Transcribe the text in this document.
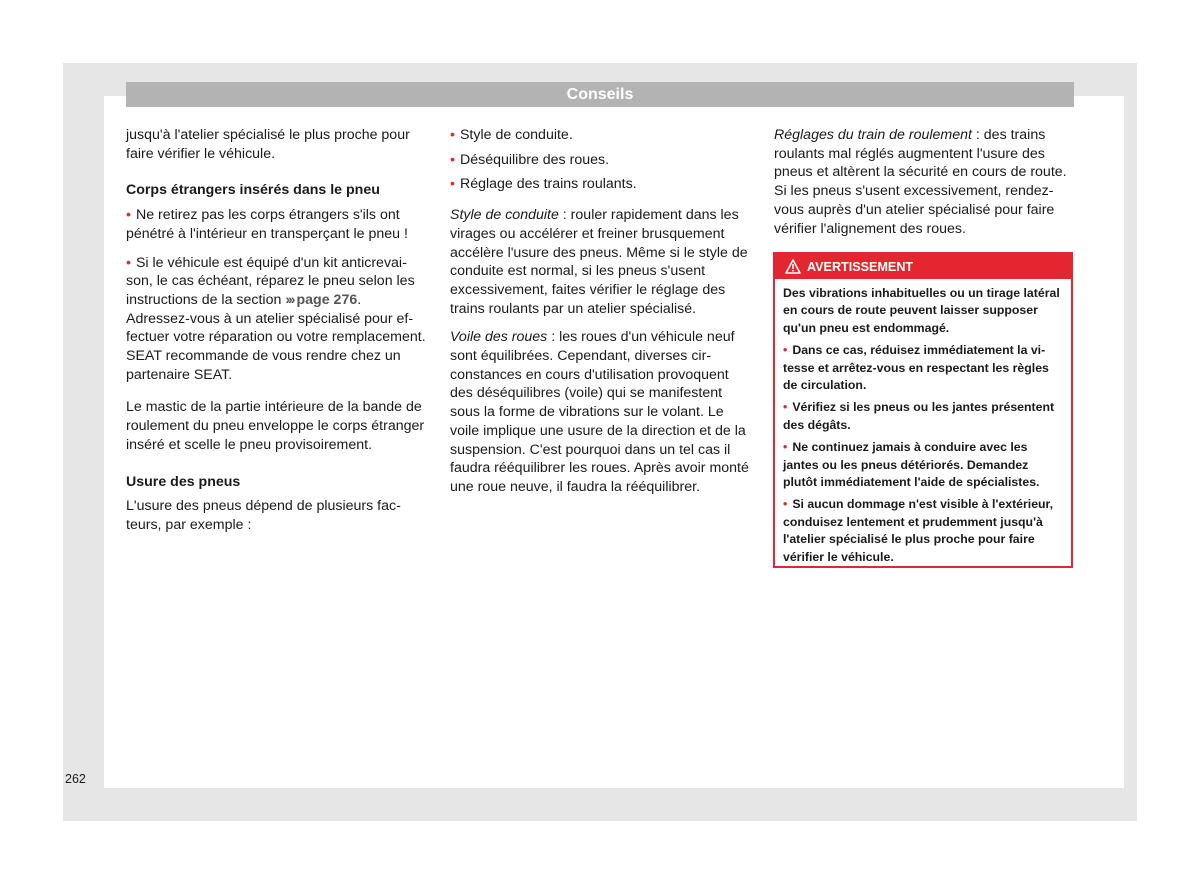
Conseils

jusqu'à l'atelier spécialisé le plus proche pour faire vérifier le véhicule.

Corps étrangers insérés dans le pneu

• Ne retirez pas les corps étrangers s'ils ont pénétré à l'intérieur en transperçant le pneu !

• Si le véhicule est équipé d'un kit anticrevaison, le cas échéant, réparez le pneu selon les instructions de la section ››› page 276. Adressez-vous à un atelier spécialisé pour effectuer votre réparation ou votre remplacement. SEAT recommande de vous rendre chez un partenaire SEAT.

Le mastic de la partie intérieure de la bande de roulement du pneu enveloppe le corps étranger inséré et scelle le pneu provisoirement.

Usure des pneus

L'usure des pneus dépend de plusieurs facteurs, par exemple :

• Style de conduite.

• Déséquilibre des roues.

• Réglage des trains roulants.

Style de conduite : rouler rapidement dans les virages ou accélérer et freiner brusquement accélère l'usure des pneus. Même si le style de conduite est normal, si les pneus s'usent excessivement, faites vérifier le réglage des trains roulants par un atelier spécialisé.

Voile des roues : les roues d'un véhicule neuf sont équilibrées. Cependant, diverses circonstances en cours d'utilisation provoquent des déséquilibres (voile) qui se manifestent sous la forme de vibrations sur le volant. Le voile implique une usure de la direction et de la suspension. C'est pourquoi dans un tel cas il faudra rééquilibrer les roues. Après avoir monté une roue neuve, il faudra la rééquilibrer.

Réglages du train de roulement : des trains roulants mal réglés augmentent l'usure des pneus et altèrent la sécurité en cours de route. Si les pneus s'usent excessivement, rendez-vous auprès d'un atelier spécialisé pour faire vérifier l'alignement des roues.

AVERTISSEMENT

Des vibrations inhabituelles ou un tirage latéral en cours de route peuvent laisser supposer qu'un pneu est endommagé.

• Dans ce cas, réduisez immédiatement la vitesse et arrêtez-vous en respectant les règles de circulation.

• Vérifiez si les pneus ou les jantes présentent des dégâts.

• Ne continuez jamais à conduire avec les jantes ou les pneus détériorés. Demandez plutôt immédiatement l'aide de spécialistes.

• Si aucun dommage n'est visible à l'extérieur, conduisez lentement et prudemment jusqu'à l'atelier spécialisé le plus proche pour faire vérifier le véhicule.

262
